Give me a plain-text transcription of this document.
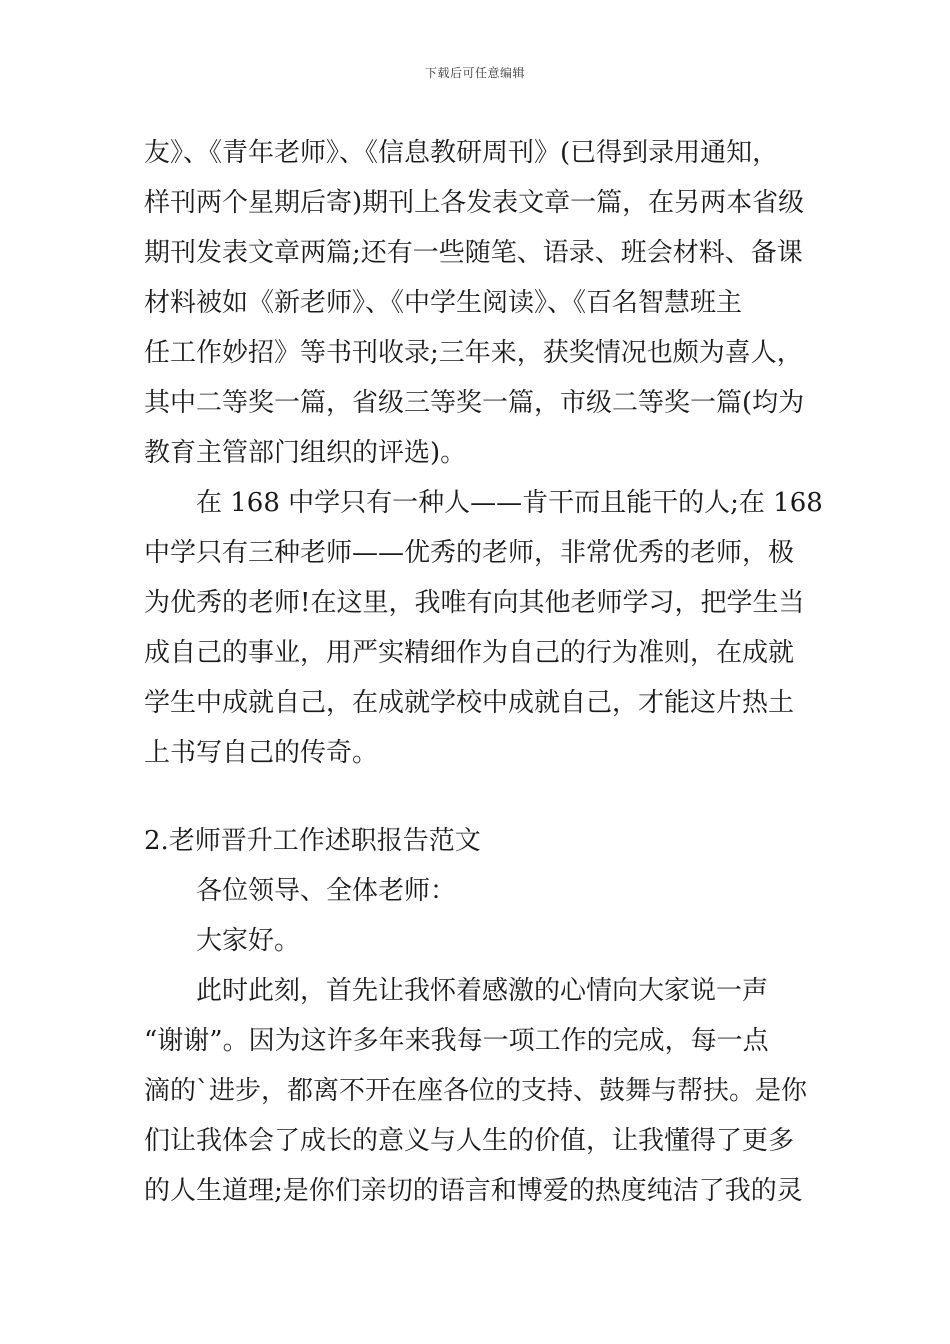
下载后可任意编辑
友》、《青年老师》、《信息教研周刊》(已得到录用通知，
样刊两个星期后寄)期刊上各发表文章一篇，在另两本省级
期刊发表文章两篇;还有一些随笔、语录、班会材料、备课
材料被如《新老师》、《中学生阅读》、《百名智慧班主
任工作妙招》等书刊收录;三年来，获奖情况也颇为喜人，
其中二等奖一篇，省级三等奖一篇，市级二等奖一篇(均为
教育主管部门组织的评选)。
在 168 中学只有一种人——肯干而且能干的人;在 168
中学只有三种老师——优秀的老师，非常优秀的老师，极
为优秀的老师!在这里，我唯有向其他老师学习，把学生当
成自己的事业，用严实精细作为自己的行为准则，在成就
学生中成就自己，在成就学校中成就自己，才能这片热土
上书写自己的传奇。
2.老师晋升工作述职报告范文
各位领导、全体老师：
大家好。
此时此刻，首先让我怀着感激的心情向大家说一声
“谢谢”。因为这许多年来我每一项工作的完成，每一点
滴的`进步，都离不开在座各位的支持、鼓舞与帮扶。是你
们让我体会了成长的意义与人生的价值，让我懂得了更多
的人生道理;是你们亲切的语言和博爱的热度纯洁了我的灵
